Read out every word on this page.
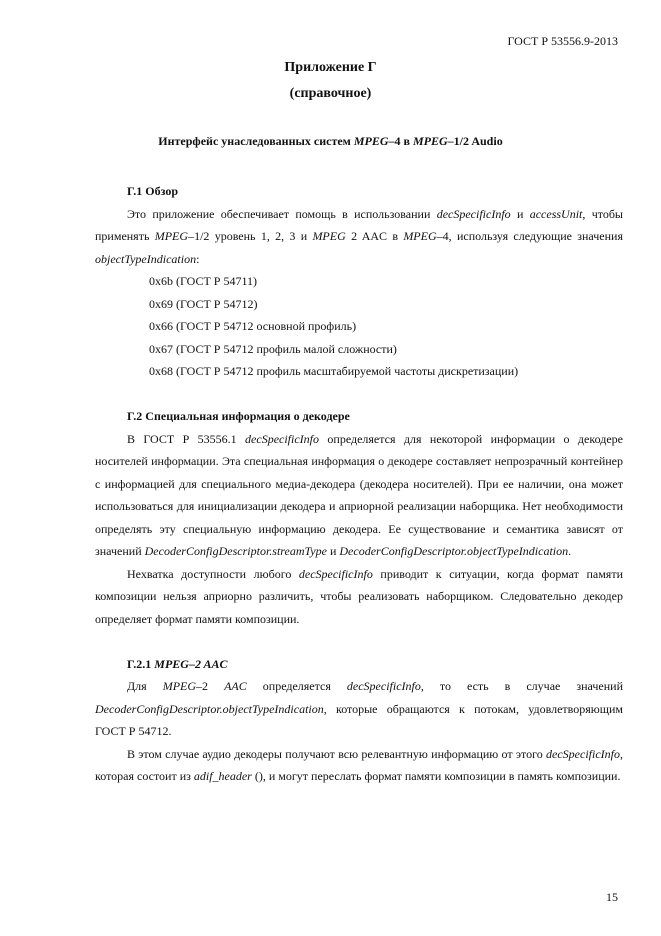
ГОСТ Р 53556.9-2013
Приложение Г
(справочное)
Интерфейс унаследованных систем MPEG–4 в MPEG–1/2 Audio

Г.1 Обзор

Это приложение обеспечивает помощь в использовании decSpecificInfo и accessUnit, чтобы применять MPEG–1/2 уровень 1, 2, 3 и MPEG 2 AAC в MPEG–4, используя следующие значения objectTypeIndication:

0x6b (ГОСТ Р 54711)
0x69 (ГОСТ Р 54712)
0x66 (ГОСТ Р 54712 основной профиль)
0x67 (ГОСТ Р 54712 профиль малой сложности)
0x68 (ГОСТ Р 54712 профиль масштабируемой частоты дискретизации)

Г.2 Специальная информация о декодере

В ГОСТ Р 53556.1 decSpecificInfo определяется для некоторой информации о декодере носителей информации. Эта специальная информация о декодере составляет непрозрачный контейнер с информацией для специального медиа-декодера (декодера носителей). При ее наличии, она может использоваться для инициализации декодера и априорной реализации наборщика. Нет необходимости определять эту специальную информацию декодера. Ее существование и семантика зависят от значений DecoderConfigDescriptor.streamType и DecoderConfigDescriptor.objectTypeIndication.

Нехватка доступности любого decSpecificInfo приводит к ситуации, когда формат памяти композиции нельзя априорно различить, чтобы реализовать наборщиком. Следовательно декодер определяет формат памяти композиции.

Г.2.1 MPEG–2 AAC

Для MPEG–2 AAC определяется decSpecificInfo, то есть в случае значений DecoderConfigDescriptor.objectTypeIndication, которые обращаются к потокам, удовлетворяющим ГОСТ Р 54712.

В этом случае аудио декодеры получают всю релевантную информацию от этого decSpecificInfo, которая состоит из adif_header (), и могут переслать формат памяти композиции в память композиции.

15
